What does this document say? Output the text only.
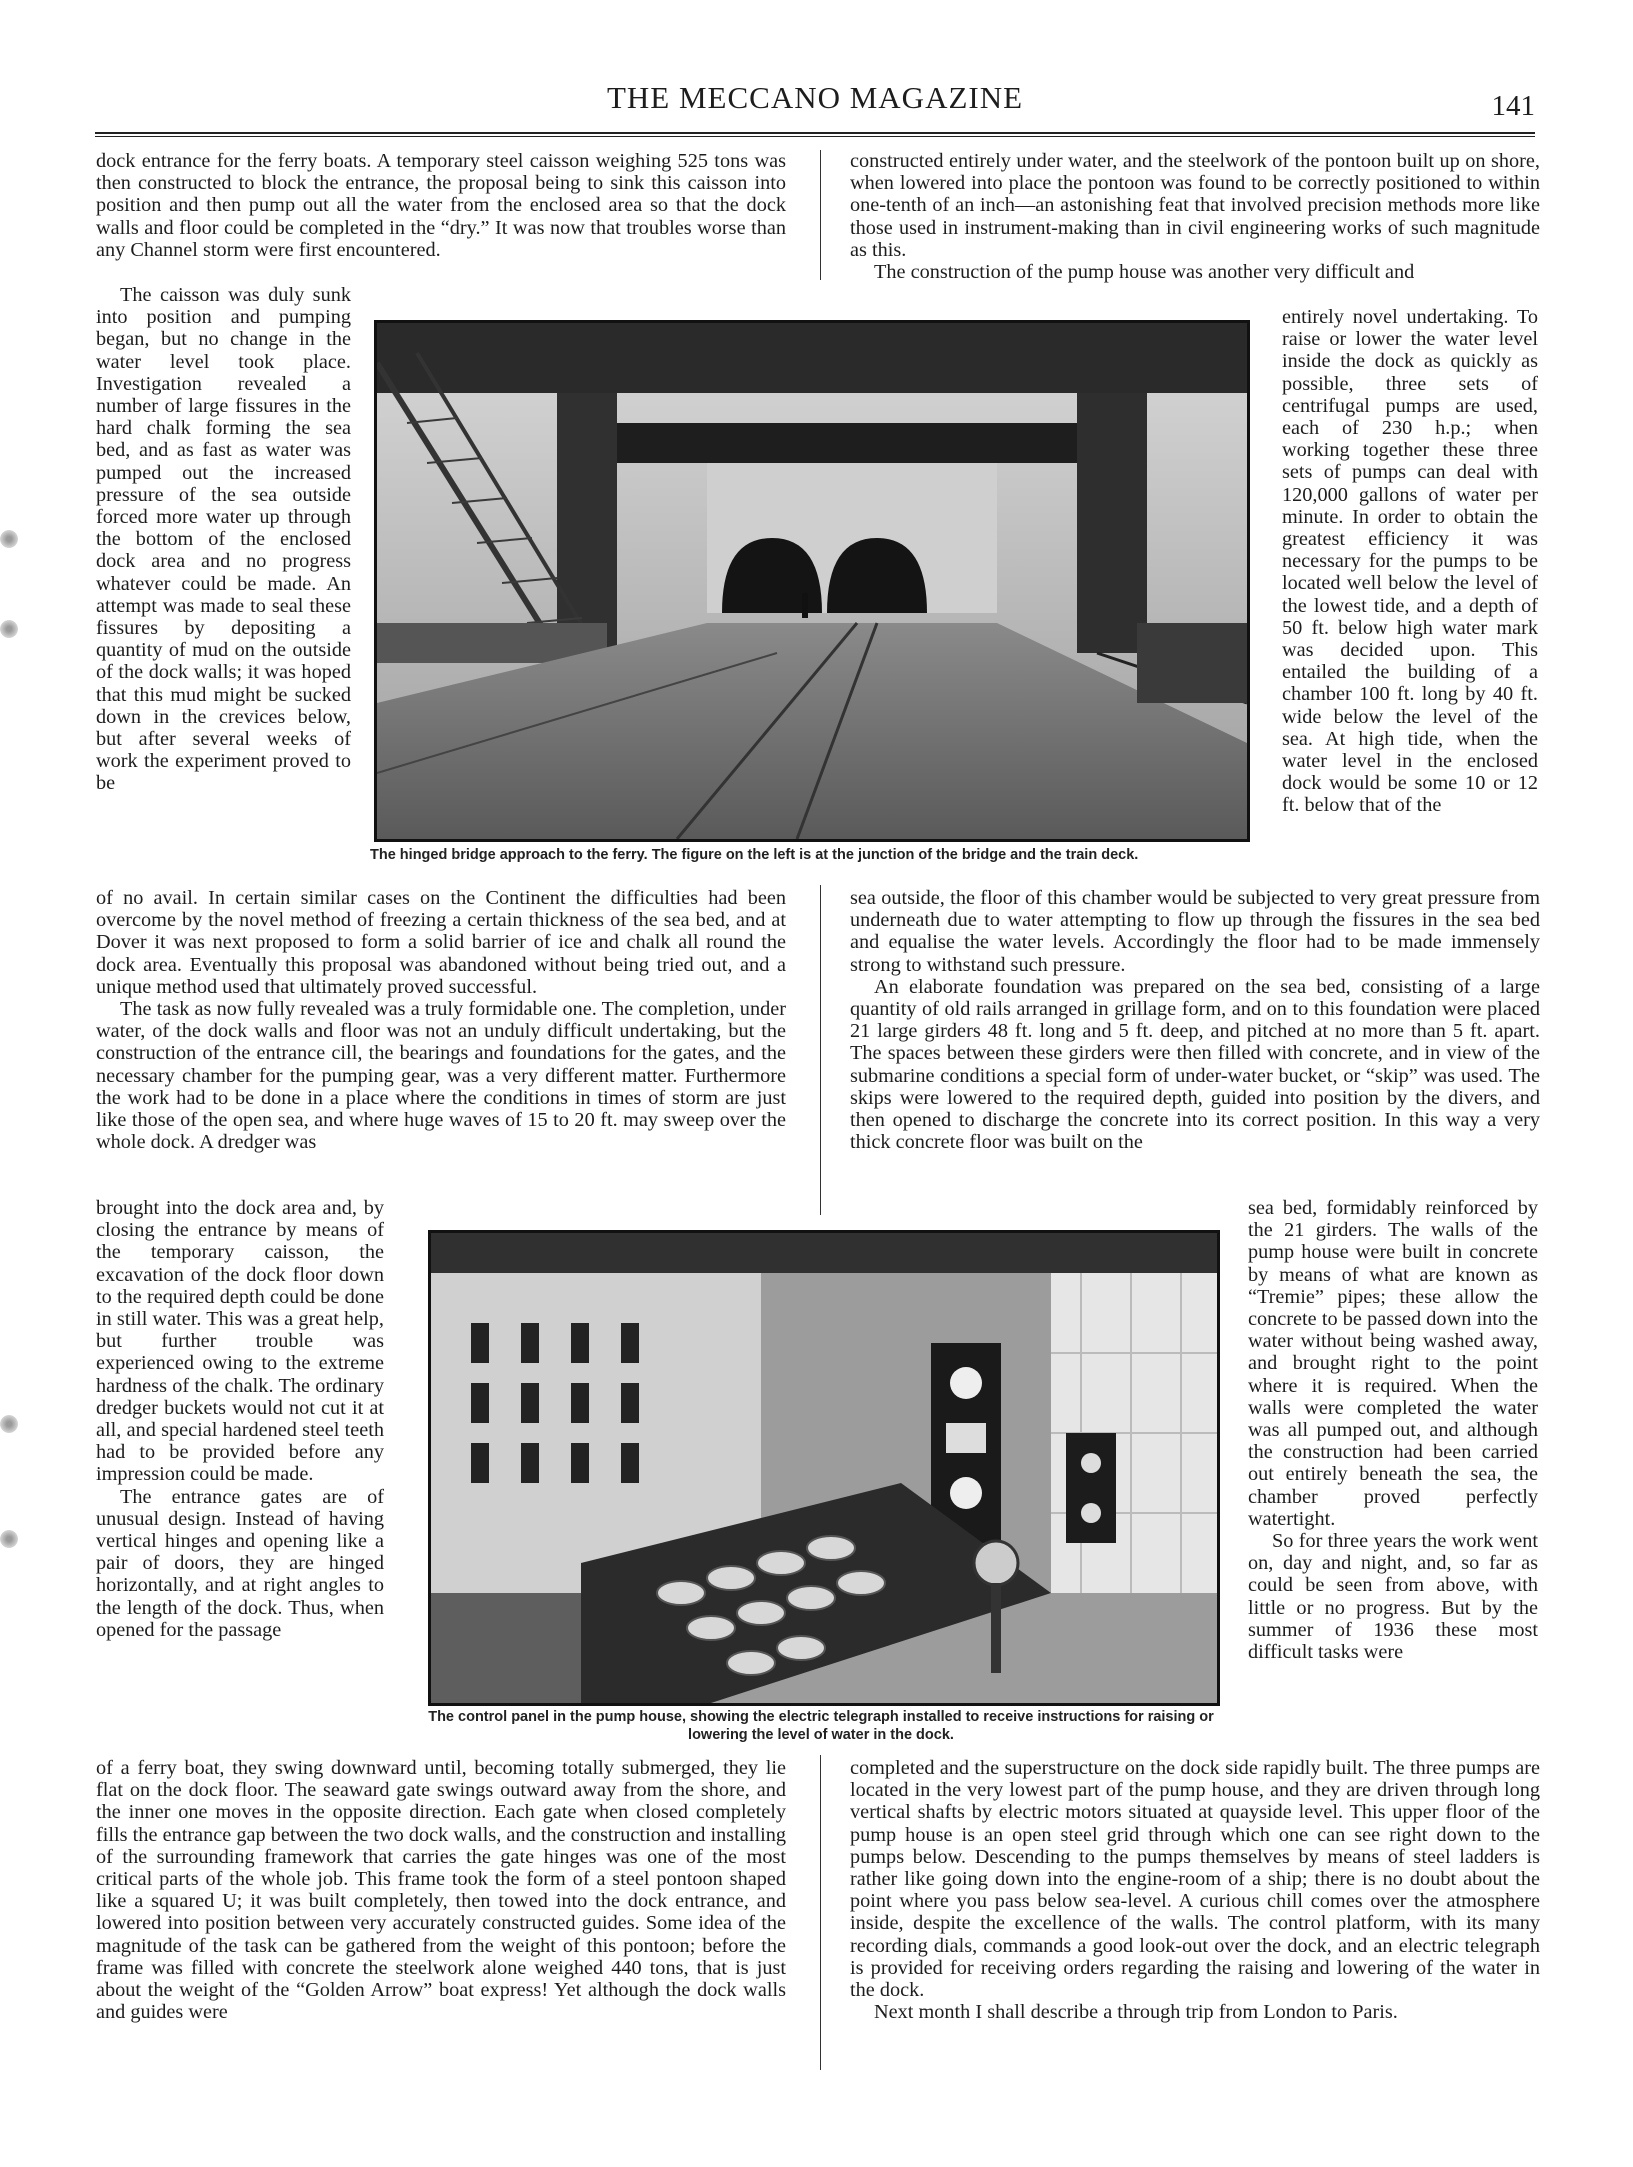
THE MECCANO MAGAZINE	141

dock entrance for the ferry boats. A temporary steel caisson weighing 525 tons was then constructed to block the entrance, the proposal being to sink this caisson into position and then pump out all the water from the enclosed area so that the dock walls and floor could be completed in the “dry.” It was now that troubles worse than any Channel storm were first encountered.

The caisson was duly sunk into position and pumping began, but no change in the water level took place. Investigation revealed a number of large fissures in the hard chalk forming the sea bed, and as fast as water was pumped out the increased pressure of the sea outside forced more water up through the bottom of the enclosed dock area and no progress whatever could be made. An attempt was made to seal these fissures by depositing a quantity of mud on the outside of the dock walls; it was hoped that this mud might be sucked down in the crevices below, but after several weeks of work the experiment proved to be

The hinged bridge approach to the ferry. The figure on the left is at the junction of the bridge and the train deck.

constructed entirely under water, and the steelwork of the pontoon built up on shore, when lowered into place the pontoon was found to be correctly positioned to within one-tenth of an inch—an astonishing feat that involved precision methods more like those used in instrument-making than in civil engineering works of such magnitude as this.

The construction of the pump house was another very difficult and

entirely novel undertaking. To raise or lower the water level inside the dock as quickly as possible, three sets of centrifugal pumps are used, each of 230 h.p.; when working together these three sets of pumps can deal with 120,000 gallons of water per minute. In order to obtain the greatest efficiency it was necessary for the pumps to be located well below the level of the lowest tide, and a depth of 50 ft. below high water mark was decided upon. This entailed the building of a chamber 100 ft. long by 40 ft. wide below the level of the sea. At high tide, when the water level in the enclosed dock would be some 10 or 12 ft. below that of the

of no avail. In certain similar cases on the Continent the difficulties had been overcome by the novel method of freezing a certain thickness of the sea bed, and at Dover it was next proposed to form a solid barrier of ice and chalk all round the dock area. Eventually this proposal was abandoned without being tried out, and a unique method used that ultimately proved successful.

The task as now fully revealed was a truly formidable one. The completion, under water, of the dock walls and floor was not an unduly difficult undertaking, but the construction of the entrance cill, the bearings and foundations for the gates, and the necessary chamber for the pumping gear, was a very different matter. Furthermore the work had to be done in a place where the conditions in times of storm are just like those of the open sea, and where huge waves of 15 to 20 ft. may sweep over the whole dock. A dredger was

sea outside, the floor of this chamber would be subjected to very great pressure from underneath due to water attempting to flow up through the fissures in the sea bed and equalise the water levels. Accordingly the floor had to be made immensely strong to withstand such pressure.

An elaborate foundation was prepared on the sea bed, consisting of a large quantity of old rails arranged in grillage form, and on to this foundation were placed 21 large girders 48 ft. long and 5 ft. deep, and pitched at no more than 5 ft. apart. The spaces between these girders were then filled with concrete, and in view of the submarine conditions a special form of under-water bucket, or “skip” was used. The skips were lowered to the required depth, guided into position by the divers, and then opened to discharge the concrete into its correct position. In this way a very thick concrete floor was built on the

brought into the dock area and, by closing the entrance by means of the temporary caisson, the excavation of the dock floor down to the required depth could be done in still water. This was a great help, but further trouble was experienced owing to the extreme hardness of the chalk. The ordinary dredger buckets would not cut it at all, and special hardened steel teeth had to be provided before any impression could be made.

The entrance gates are of unusual design. Instead of having vertical hinges and opening like a pair of doors, they are hinged horizontally, and at right angles to the length of the dock. Thus, when opened for the passage

The control panel in the pump house, showing the electric telegraph installed to receive instructions for raising or lowering the level of water in the dock.

sea bed, formidably reinforced by the 21 girders. The walls of the pump house were built in concrete by means of what are known as “Tremie” pipes; these allow the concrete to be passed down into the water without being washed away, and brought right to the point where it is required. When the walls were completed the water was all pumped out, and although the construction had been carried out entirely beneath the sea, the chamber proved perfectly watertight.

So for three years the work went on, day and night, and, so far as could be seen from above, with little or no progress. But by the summer of 1936 these most difficult tasks were

of a ferry boat, they swing downward until, becoming totally submerged, they lie flat on the dock floor. The seaward gate swings outward away from the shore, and the inner one moves in the opposite direction. Each gate when closed completely fills the entrance gap between the two dock walls, and the construction and installing of the surrounding framework that carries the gate hinges was one of the most critical parts of the whole job. This frame took the form of a steel pontoon shaped like a squared U; it was built completely, then towed into the dock entrance, and lowered into position between very accurately constructed guides. Some idea of the magnitude of the task can be gathered from the weight of this pontoon; before the frame was filled with concrete the steelwork alone weighed 440 tons, that is just about the weight of the “Golden Arrow” boat express! Yet although the dock walls and guides were

completed and the superstructure on the dock side rapidly built. The three pumps are located in the very lowest part of the pump house, and they are driven through long vertical shafts by electric motors situated at quayside level. This upper floor of the pump house is an open steel grid through which one can see right down to the pumps below. Descending to the pumps themselves by means of steel ladders is rather like going down into the engine-room of a ship; there is no doubt about the point where you pass below sea-level. A curious chill comes over the atmosphere inside, despite the excellence of the walls. The control platform, with its many recording dials, commands a good look-out over the dock, and an electric telegraph is provided for receiving orders regarding the raising and lowering of the water in the dock.

Next month I shall describe a through trip from London to Paris.
